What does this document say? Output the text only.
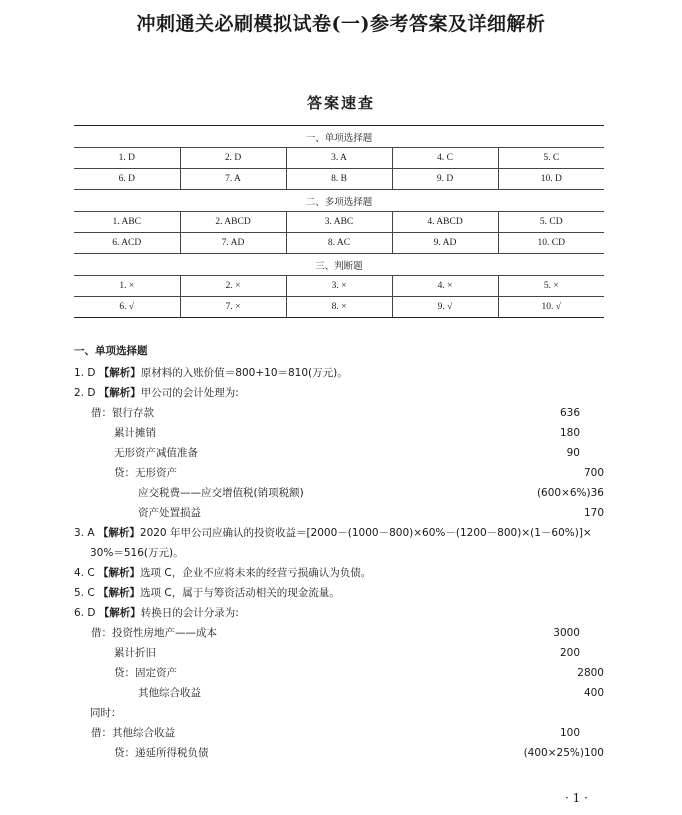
冲刺通关必刷模拟试卷(一)参考答案及详细解析
答案速查
一、单项选择题				
1. D	2. D	3. A	4. C	5. C
6. D	7. A	8. B	9. D	10. D
二、多项选择题				
1. ABC	2. ABCD	3. ABC	4. ABCD	5. CD
6. ACD	7. AD	8. AC	9. AD	10. CD
三、判断题				
1. ×	2. ×	3. ×	4. ×	5. ×
6. √	7. ×	8. ×	9. √	10. √
一、单项选择题
1. D 【解析】原材料的入账价值＝800+10＝810(万元)。
2. D 【解析】甲公司的会计处理为:
借：银行存款	636
累计摊销	180
无形资产减值准备	90
贷：无形资产	700
应交税费——应交增值税(销项税额)	(600×6%)36
资产处置损益	170
3. A 【解析】2020 年甲公司应确认的投资收益＝[2000－(1000－800)×60%－(1200－800)×(1－60%)]×
30%＝516(万元)。
4. C 【解析】选项 C，企业不应将未来的经营亏损确认为负债。
5. C 【解析】选项 C，属于与筹资活动相关的现金流量。
6. D 【解析】转换日的会计分录为:
借：投资性房地产——成本	3000
累计折旧	200
贷：固定资产	2800
其他综合收益	400
同时：
借：其他综合收益	100
贷：递延所得税负债	(400×25%)100
· 1 ·
